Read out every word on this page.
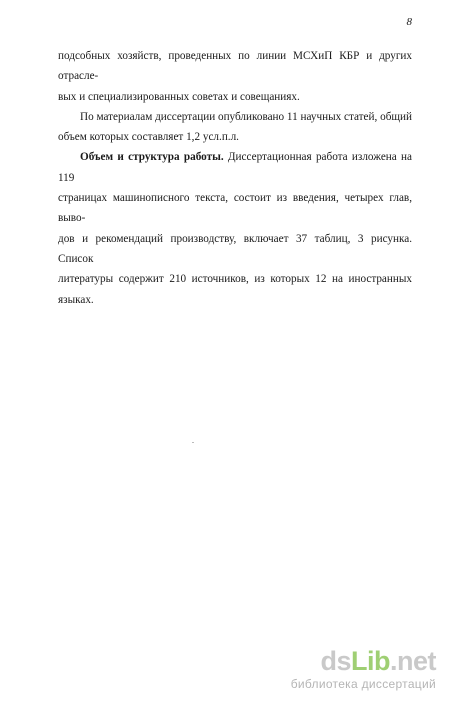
8

подсобных хозяйств, проведенных по линии МСХиП КБР и других отрасле-
вых и специализированных советах и совещаниях.

По материалам диссертации опубликовано 11 научных статей, общий
объем которых составляет 1,2 усл.п.л.

Объем и структура работы. Диссертационная работа изложена на 119
страницах машинописного текста, состоит из введения, четырех глав, выво-
дов и рекомендаций производству, включает 37 таблиц, 3 рисунка. Список
литературы содержит 210 источников, из которых 12 на иностранных языках.

dsLib.net
библиотека диссертаций
